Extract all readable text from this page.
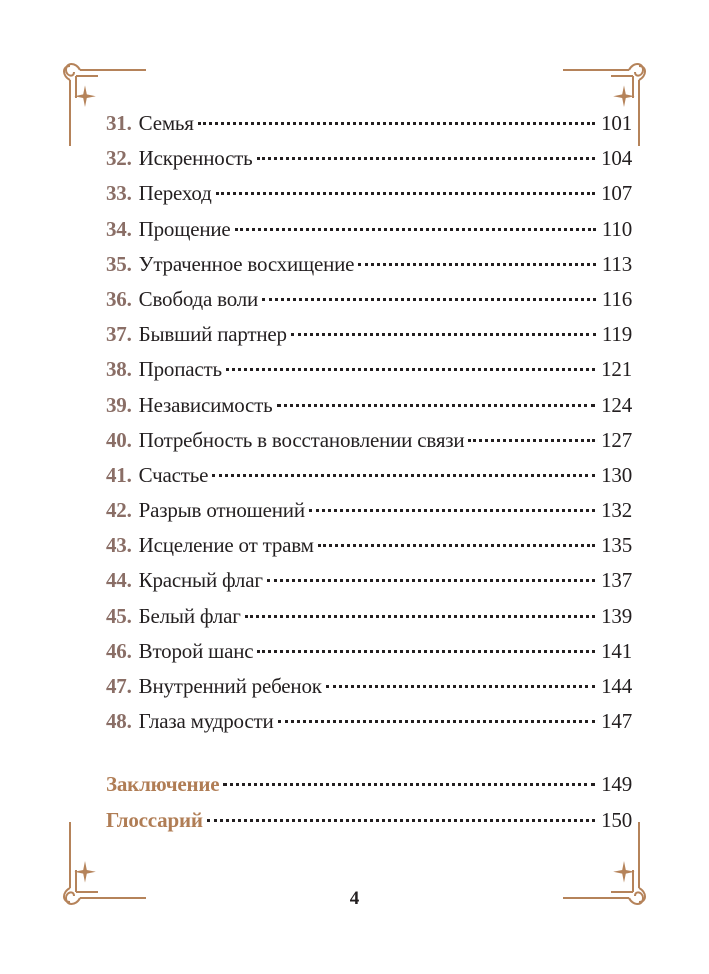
31. Семья	101
32. Искренность	104
33. Переход	107
34. Прощение	110
35. Утраченное восхищение	113
36. Свобода воли	116
37. Бывший партнер	119
38. Пропасть	121
39. Независимость	124
40. Потребность в восстановлении связи	127
41. Счастье	130
42. Разрыв отношений	132
43. Исцеление от травм	135
44. Красный флаг	137
45. Белый флаг	139
46. Второй шанс	141
47. Внутренний ребенок	144
48. Глаза мудрости	147
Заключение	149
Глоссарий	150
4
